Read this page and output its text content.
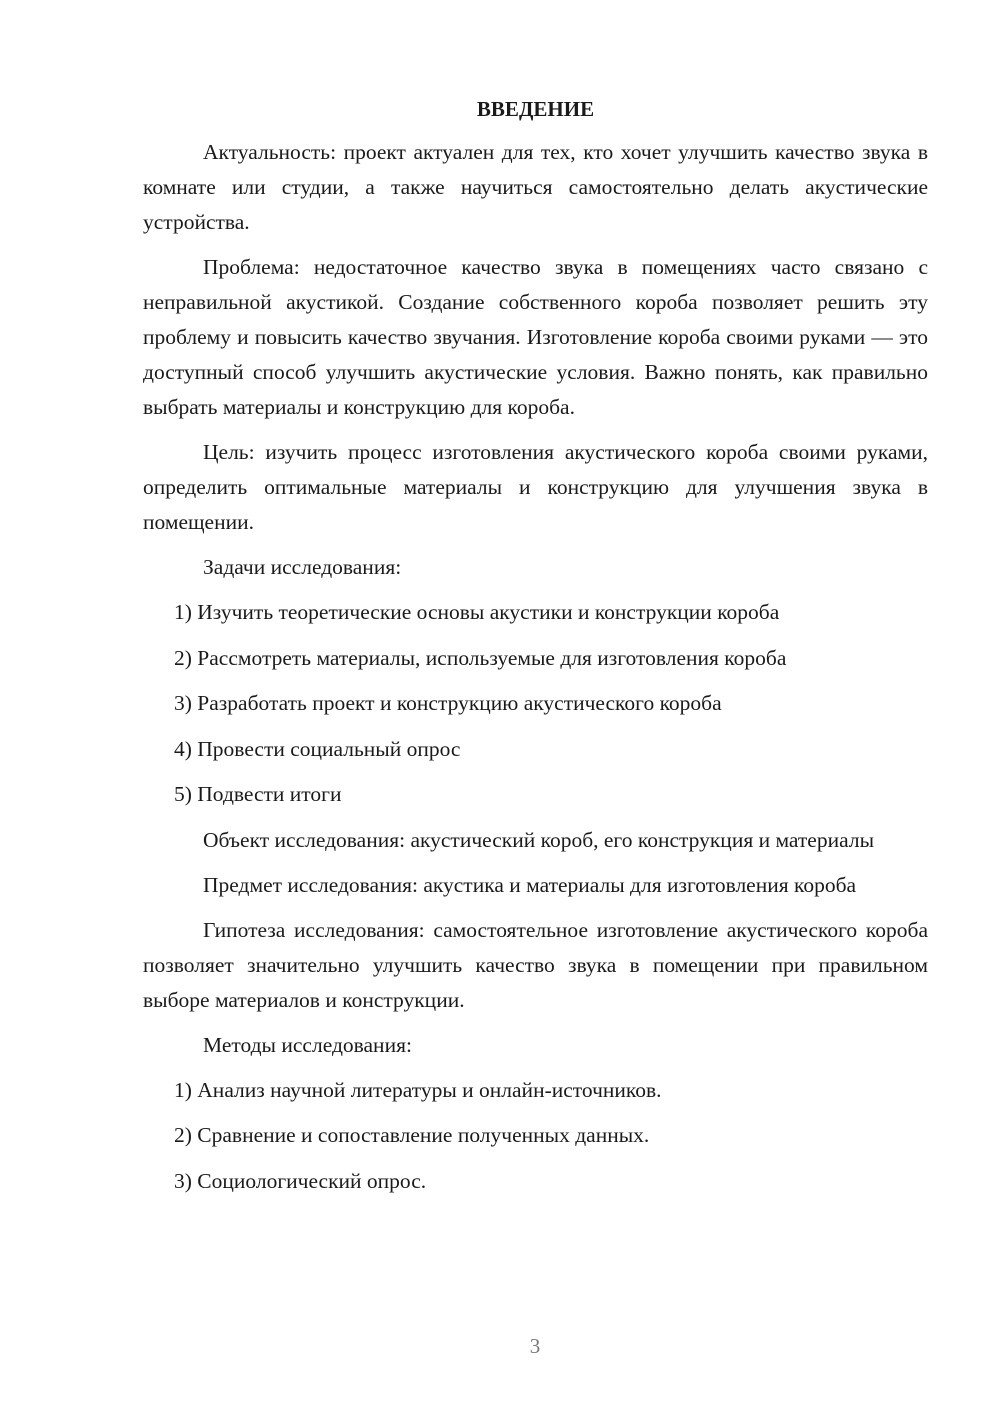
ВВЕДЕНИЕ

Актуальность: проект актуален для тех, кто хочет улучшить качество звука в комнате или студии, а также научиться самостоятельно делать акустические устройства.

Проблема: недостаточное качество звука в помещениях часто связано с неправильной акустикой. Создание собственного короба позволяет решить эту проблему и повысить качество звучания. Изготовление короба своими руками — это доступный способ улучшить акустические условия. Важно понять, как правильно выбрать материалы и конструкцию для короба.

Цель: изучить процесс изготовления акустического короба своими руками, определить оптимальные материалы и конструкцию для улучшения звука в помещении.

Задачи исследования:

1) Изучить теоретические основы акустики и конструкции короба
2) Рассмотреть материалы, используемые для изготовления короба
3) Разработать проект и конструкцию акустического короба
4) Провести социальный опрос
5) Подвести итоги

Объект исследования: акустический короб, его конструкция и материалы

Предмет исследования: акустика и материалы для изготовления короба

Гипотеза исследования: самостоятельное изготовление акустического короба позволяет значительно улучшить качество звука в помещении при правильном выборе материалов и конструкции.

Методы исследования:

1) Анализ научной литературы и онлайн-источников.
2) Сравнение и сопоставление полученных данных.
3) Социологический опрос.
3
